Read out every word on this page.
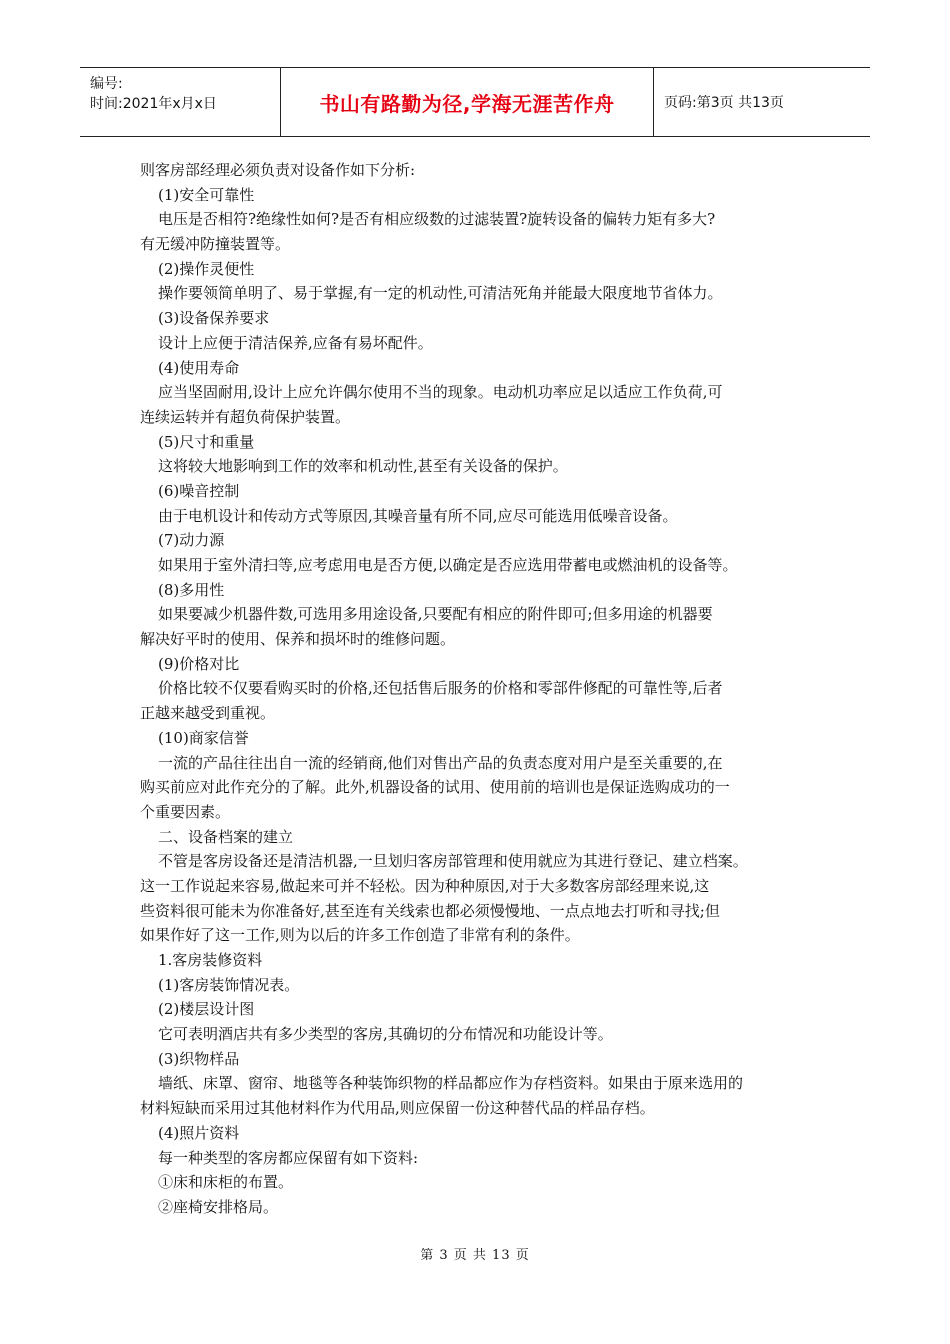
编号:
时间:2021年x月x日	书山有路勤为径,学海无涯苦作舟	页码:第3页 共13页
则客房部经理必须负责对设备作如下分析:
(1)安全可靠性
电压是否相符?绝缘性如何?是否有相应级数的过滤装置?旋转设备的偏转力矩有多大?
有无缓冲防撞装置等。
(2)操作灵便性
操作要领简单明了、易于掌握,有一定的机动性,可清洁死角并能最大限度地节省体力。
(3)设备保养要求
设计上应便于清洁保养,应备有易坏配件。
(4)使用寿命
应当坚固耐用,设计上应允许偶尔使用不当的现象。电动机功率应足以适应工作负荷,可
连续运转并有超负荷保护装置。
(5)尺寸和重量
这将较大地影响到工作的效率和机动性,甚至有关设备的保护。
(6)噪音控制
由于电机设计和传动方式等原因,其噪音量有所不同,应尽可能选用低噪音设备。
(7)动力源
如果用于室外清扫等,应考虑用电是否方便,以确定是否应选用带蓄电或燃油机的设备等。
(8)多用性
如果要减少机器件数,可选用多用途设备,只要配有相应的附件即可;但多用途的机器要
解决好平时的使用、保养和损坏时的维修问题。
(9)价格对比
价格比较不仅要看购买时的价格,还包括售后服务的价格和零部件修配的可靠性等,后者
正越来越受到重视。
(10)商家信誉
一流的产品往往出自一流的经销商,他们对售出产品的负责态度对用户是至关重要的,在
购买前应对此作充分的了解。此外,机器设备的试用、使用前的培训也是保证选购成功的一
个重要因素。
二、设备档案的建立
不管是客房设备还是清洁机器,一旦划归客房部管理和使用就应为其进行登记、建立档案。
这一工作说起来容易,做起来可并不轻松。因为种种原因,对于大多数客房部经理来说,这
些资料很可能未为你准备好,甚至连有关线索也都必须慢慢地、一点点地去打听和寻找;但
如果作好了这一工作,则为以后的许多工作创造了非常有利的条件。
1.客房装修资料
(1)客房装饰情况表。
(2)楼层设计图
它可表明酒店共有多少类型的客房,其确切的分布情况和功能设计等。
(3)织物样品
墙纸、床罩、窗帘、地毯等各种装饰织物的样品都应作为存档资料。如果由于原来选用的
材料短缺而采用过其他材料作为代用品,则应保留一份这种替代品的样品存档。
(4)照片资料
每一种类型的客房都应保留有如下资料:
①床和床柜的布置。
②座椅安排格局。
第 3 页 共 13 页
